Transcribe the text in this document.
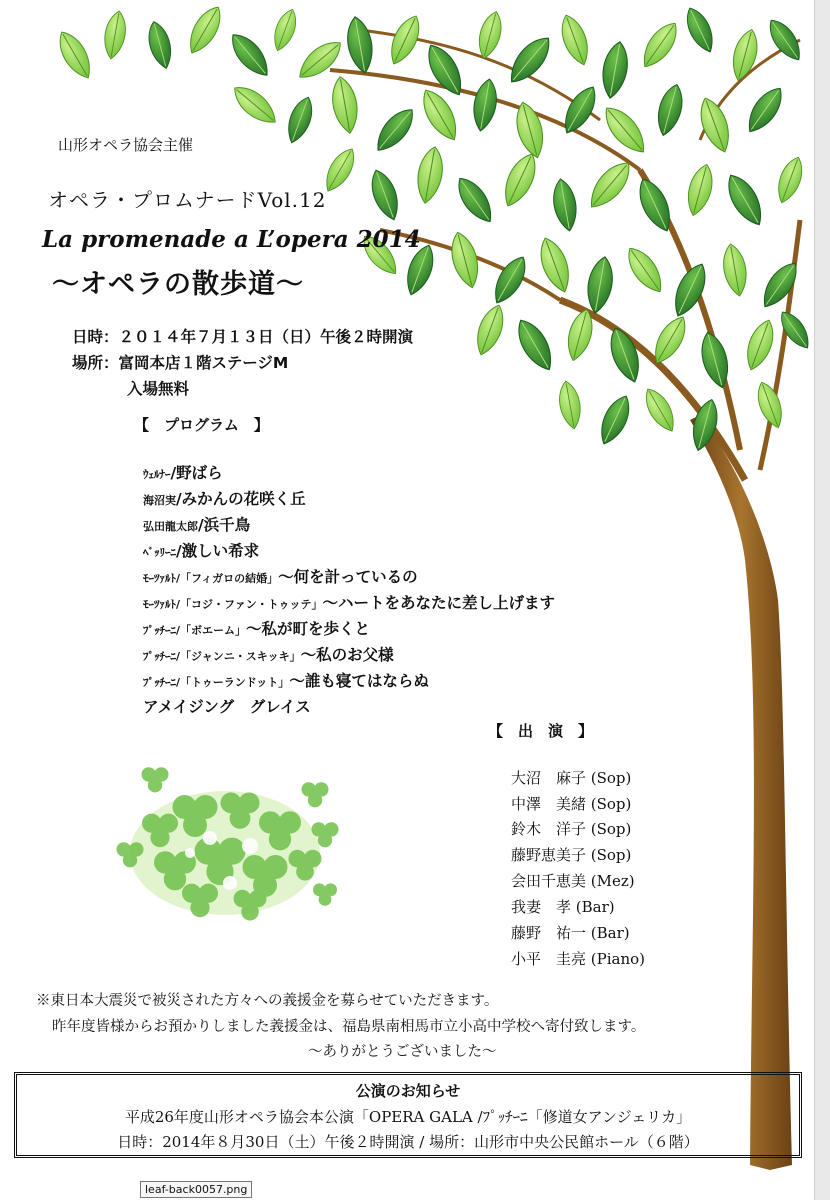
山形オペラ協会主催
オペラ・プロムナードVol.12
La promenade a L’opera 2014
～オペラの散歩道～
日時：２０１４年７月１３日（日）午後２時開演
場所：富岡本店１階ステージM
入場無料
【　プログラム　】
ｳｪﾙﾅｰ/野ばら
海沼実/みかんの花咲く丘
弘田龍太郎/浜千鳥
ﾍﾞｯﾘｰﾆ/激しい希求
ﾓｰﾂｧﾙﾄ/「フィガロの結婚」～何を計っているの
ﾓｰﾂｧﾙﾄ/「コジ・ファン・トゥッテ」～ハートをあなたに差し上げます
ﾌﾟｯﾁｰﾆ/「ボエーム」～私が町を歩くと
ﾌﾟｯﾁｰﾆ/「ジャンニ・スキッキ」～私のお父様
ﾌﾟｯﾁｰﾆ/「トゥーランドット」～誰も寝てはならぬ
アメイジング　グレイス
【　出　演　】
大沼　麻子 (Sop)
中澤　美緒 (Sop)
鈴木　洋子 (Sop)
藤野恵美子 (Sop)
会田千恵美 (Mez)
我妻　孝 (Bar)
藤野　祐一 (Bar)
小平　圭亮 (Piano)
※東日本大震災で被災された方々への義援金を募らせていただきます。
昨年度皆様からお預かりしました義援金は、福島県南相馬市立小高中学校へ寄付致します。
～ありがとうございました～
公演のお知らせ
平成26年度山形オペラ協会本公演「OPERA GALA /ﾌﾟｯﾁｰﾆ「修道女アンジェリカ」
日時：2014年８月30日（土）午後２時開演 / 場所：山形市中央公民館ホール（６階）
leaf-back0057.png
